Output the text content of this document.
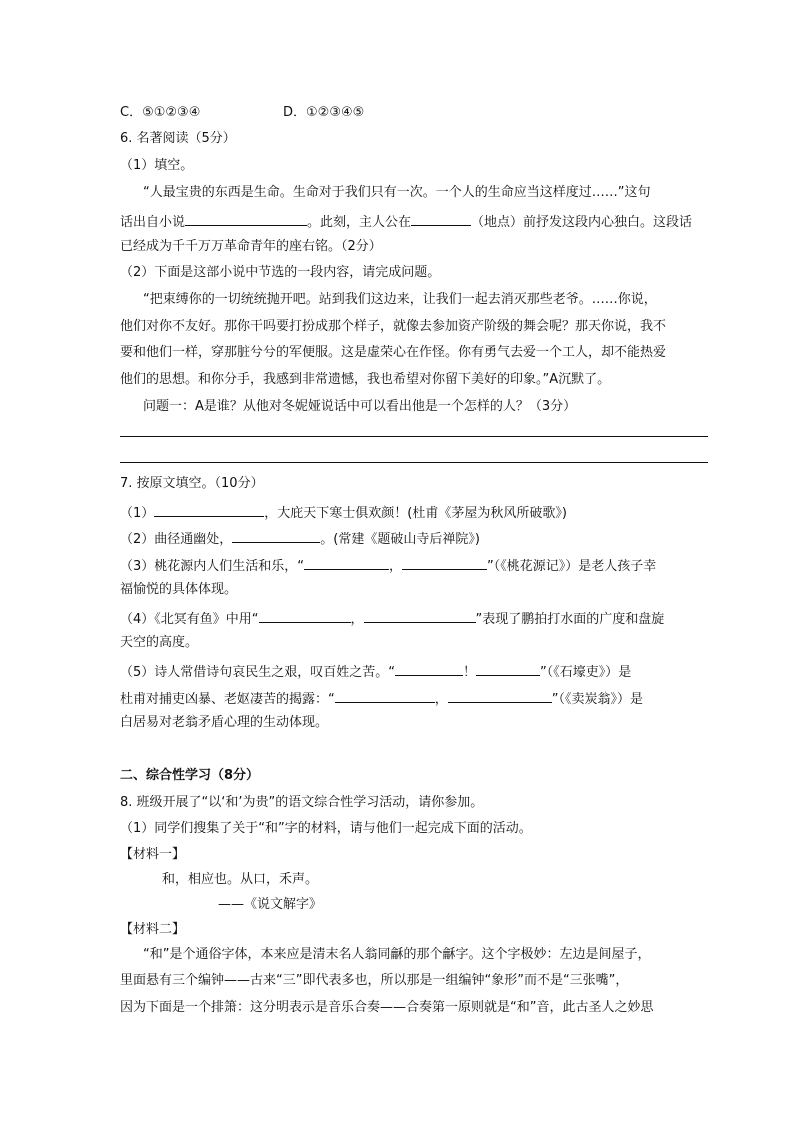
C．⑤①②③④	D．①②③④⑤
6. 名著阅读（5分）
（1）填空。
“人最宝贵的东西是生命。生命对于我们只有一次。一个人的生命应当这样度过……”这句
话出自小说	。此刻，主人公在	（地点）前抒发这段内心独白。这段话
已经成为千千万万革命青年的座右铭。（2分）
（2）下面是这部小说中节选的一段内容，请完成问题。
“把束缚你的一切统统抛开吧。站到我们这边来，让我们一起去消灭那些老爷。……你说，
他们对你不友好。那你干吗要打扮成那个样子，就像去参加资产阶级的舞会呢？那天你说，我不
要和他们一样，穿那脏兮兮的军便服。这是虚荣心在作怪。你有勇气去爱一个工人，却不能热爱
他们的思想。和你分手，我感到非常遗憾，我也希望对你留下美好的印象。”A沉默了。
问题一：A是谁？从他对冬妮娅说话中可以看出他是一个怎样的人？（3分）
7. 按原文填空。（10分）
（1）	，大庇天下寒士俱欢颜！(杜甫《茅屋为秋风所破歌》)
（2）曲径通幽处，	。(常建《题破山寺后禅院》)
（3）桃花源内人们生活和乐，“	，	”（《桃花源记》）是老人孩子幸
福愉悦的具体体现。
（4）《北冥有鱼》中用“	，	”表现了鹏拍打水面的广度和盘旋
天空的高度。
（5）诗人常借诗句哀民生之艰，叹百姓之苦。“	！	”（《石壕吏》）是
杜甫对捕吏凶暴、老妪凄苦的揭露：“	，	”（《卖炭翁》）是
白居易对老翁矛盾心理的生动体现。
二、综合性学习（8分）
8. 班级开展了“以‘和’为贵”的语文综合性学习活动，请你参加。
（1）同学们搜集了关于“和”字的材料，请与他们一起完成下面的活动。
【材料一】
和，相应也。从口，禾声。
——《说文解字》
【材料二】
“和”是个通俗字体，本来应是清末名人翁同龢的那个龢字。这个字极妙：左边是间屋子，
里面悬有三个编钟——古来“三”即代表多也，所以那是一组编钟“象形”而不是“三张嘴”，
因为下面是一个排箫：这分明表示是音乐合奏——合奏第一原则就是“和”音，此古圣人之妙思
